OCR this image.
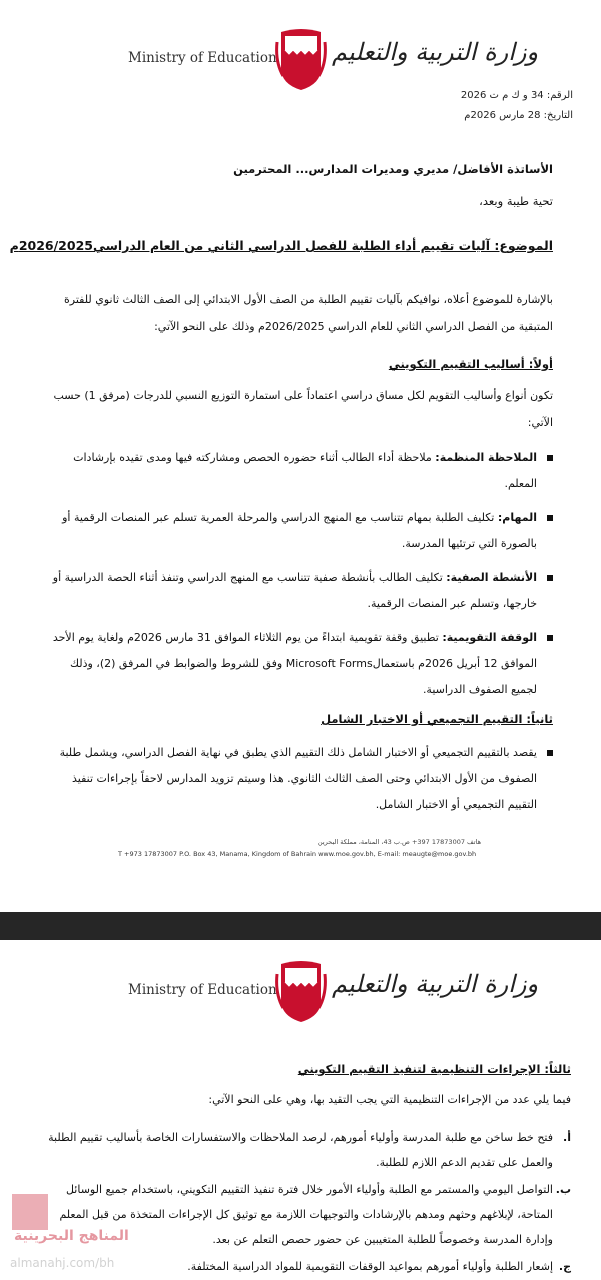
Ministry of Education وزارة التربية والتعليم
الرقم: 34 و ك م ت 2026
التاريخ: 28 مارس 2026م
الأساتذة الأفاضل/ مديري ومديرات المدارس... المحترمين
تحية طيبة وبعد،
الموضوع: آليات تقييم أداء الطلبة للفصل الدراسي الثاني من العام الدراسي2026/2025م
بالإشارة للموضوع أعلاه، نوافيكم بآليات تقييم الطلبة من الصف الأول الابتدائي إلى الصف الثالث ثانوي للفترة المتبقية من الفصل الدراسي الثاني للعام الدراسي 2026/2025م وذلك على النحو الآتي:
أولاً: أساليب التقييم التكويني
تكون أنواع وأساليب التقويم لكل مساق دراسي اعتماداً على استمارة التوزيع النسبي للدرجات (مرفق 1) حسب الآتي:
الملاحظة المنظمة: ملاحظة أداء الطالب أثناء حضوره الحصص ومشاركته فيها ومدى تقيده بإرشادات المعلم.
المهام: تكليف الطلبة بمهام تتناسب مع المنهج الدراسي والمرحلة العمرية تسلم عبر المنصات الرقمية أو بالصورة التي ترتئيها المدرسة.
الأنشطة الصفية: تكليف الطالب بأنشطة صفية تتناسب مع المنهج الدراسي وتنفذ أثناء الحصة الدراسية أو خارجها، وتسلم عبر المنصات الرقمية.
الوقفة التقويمية: تطبيق وقفة تقويمية ابتداءً من يوم الثلاثاء الموافق 31 مارس 2026م ولغاية يوم الأحد الموافق 12 أبريل 2026م باستعمالMicrosoft Forms وفق للشروط والضوابط في المرفق (2)، وذلك لجميع الصفوف الدراسية.
ثانياً: التقييم التجميعي أو الاختبار الشامل
يقصد بالتقييم التجميعي أو الاختبار الشامل ذلك التقييم الذي يطبق في نهاية الفصل الدراسي، ويشمل طلبة الصفوف من الأول الابتدائي وحتى الصف الثالث الثانوي. هذا وسيتم تزويد المدارس لاحقاً بإجراءات تنفيذ التقييم التجميعي أو الاختبار الشامل.
هاتف 17873007 397+ ص.ب 43، المنامة، مملكة البحرين
T +973 17873007 P.O. Box 43, Manama, Kingdom of Bahrain www.moe.gov.bh, E-mail: meaugte@moe.gov.bh
Ministry of Education وزارة التربية والتعليم
ثالثاً: الإجراءات التنظيمية لتنفيذ التقييم التكويني
فيما يلي عدد من الإجراءات التنظيمية التي يجب التقيد بها، وهي على النحو الآتي:
أ.
فتح خط ساخن مع طلبة المدرسة وأولياء أمورهم، لرصد الملاحظات والاستفسارات الخاصة بأساليب تقييم الطلبة والعمل على تقديم الدعم اللازم للطلبة.
ب.
التواصل اليومي والمستمر مع الطلبة وأولياء الأمور خلال فترة تنفيذ التقييم التكويني، باستخدام جميع الوسائل المتاحة، لإبلاغهم وحثهم ومدهم بالإرشادات والتوجيهات اللازمة مع توثيق كل الإجراءات المتخذة من قبل المعلم وإدارة المدرسة وخصوصاً للطلبة المتغيبين عن حضور حصص التعلم عن بعد.
ج.
إشعار الطلبة وأولياء أمورهم بمواعيد الوقفات التقويمية للمواد الدراسية المختلفة.
المناهج البحرينية
almanahj.com/bh
